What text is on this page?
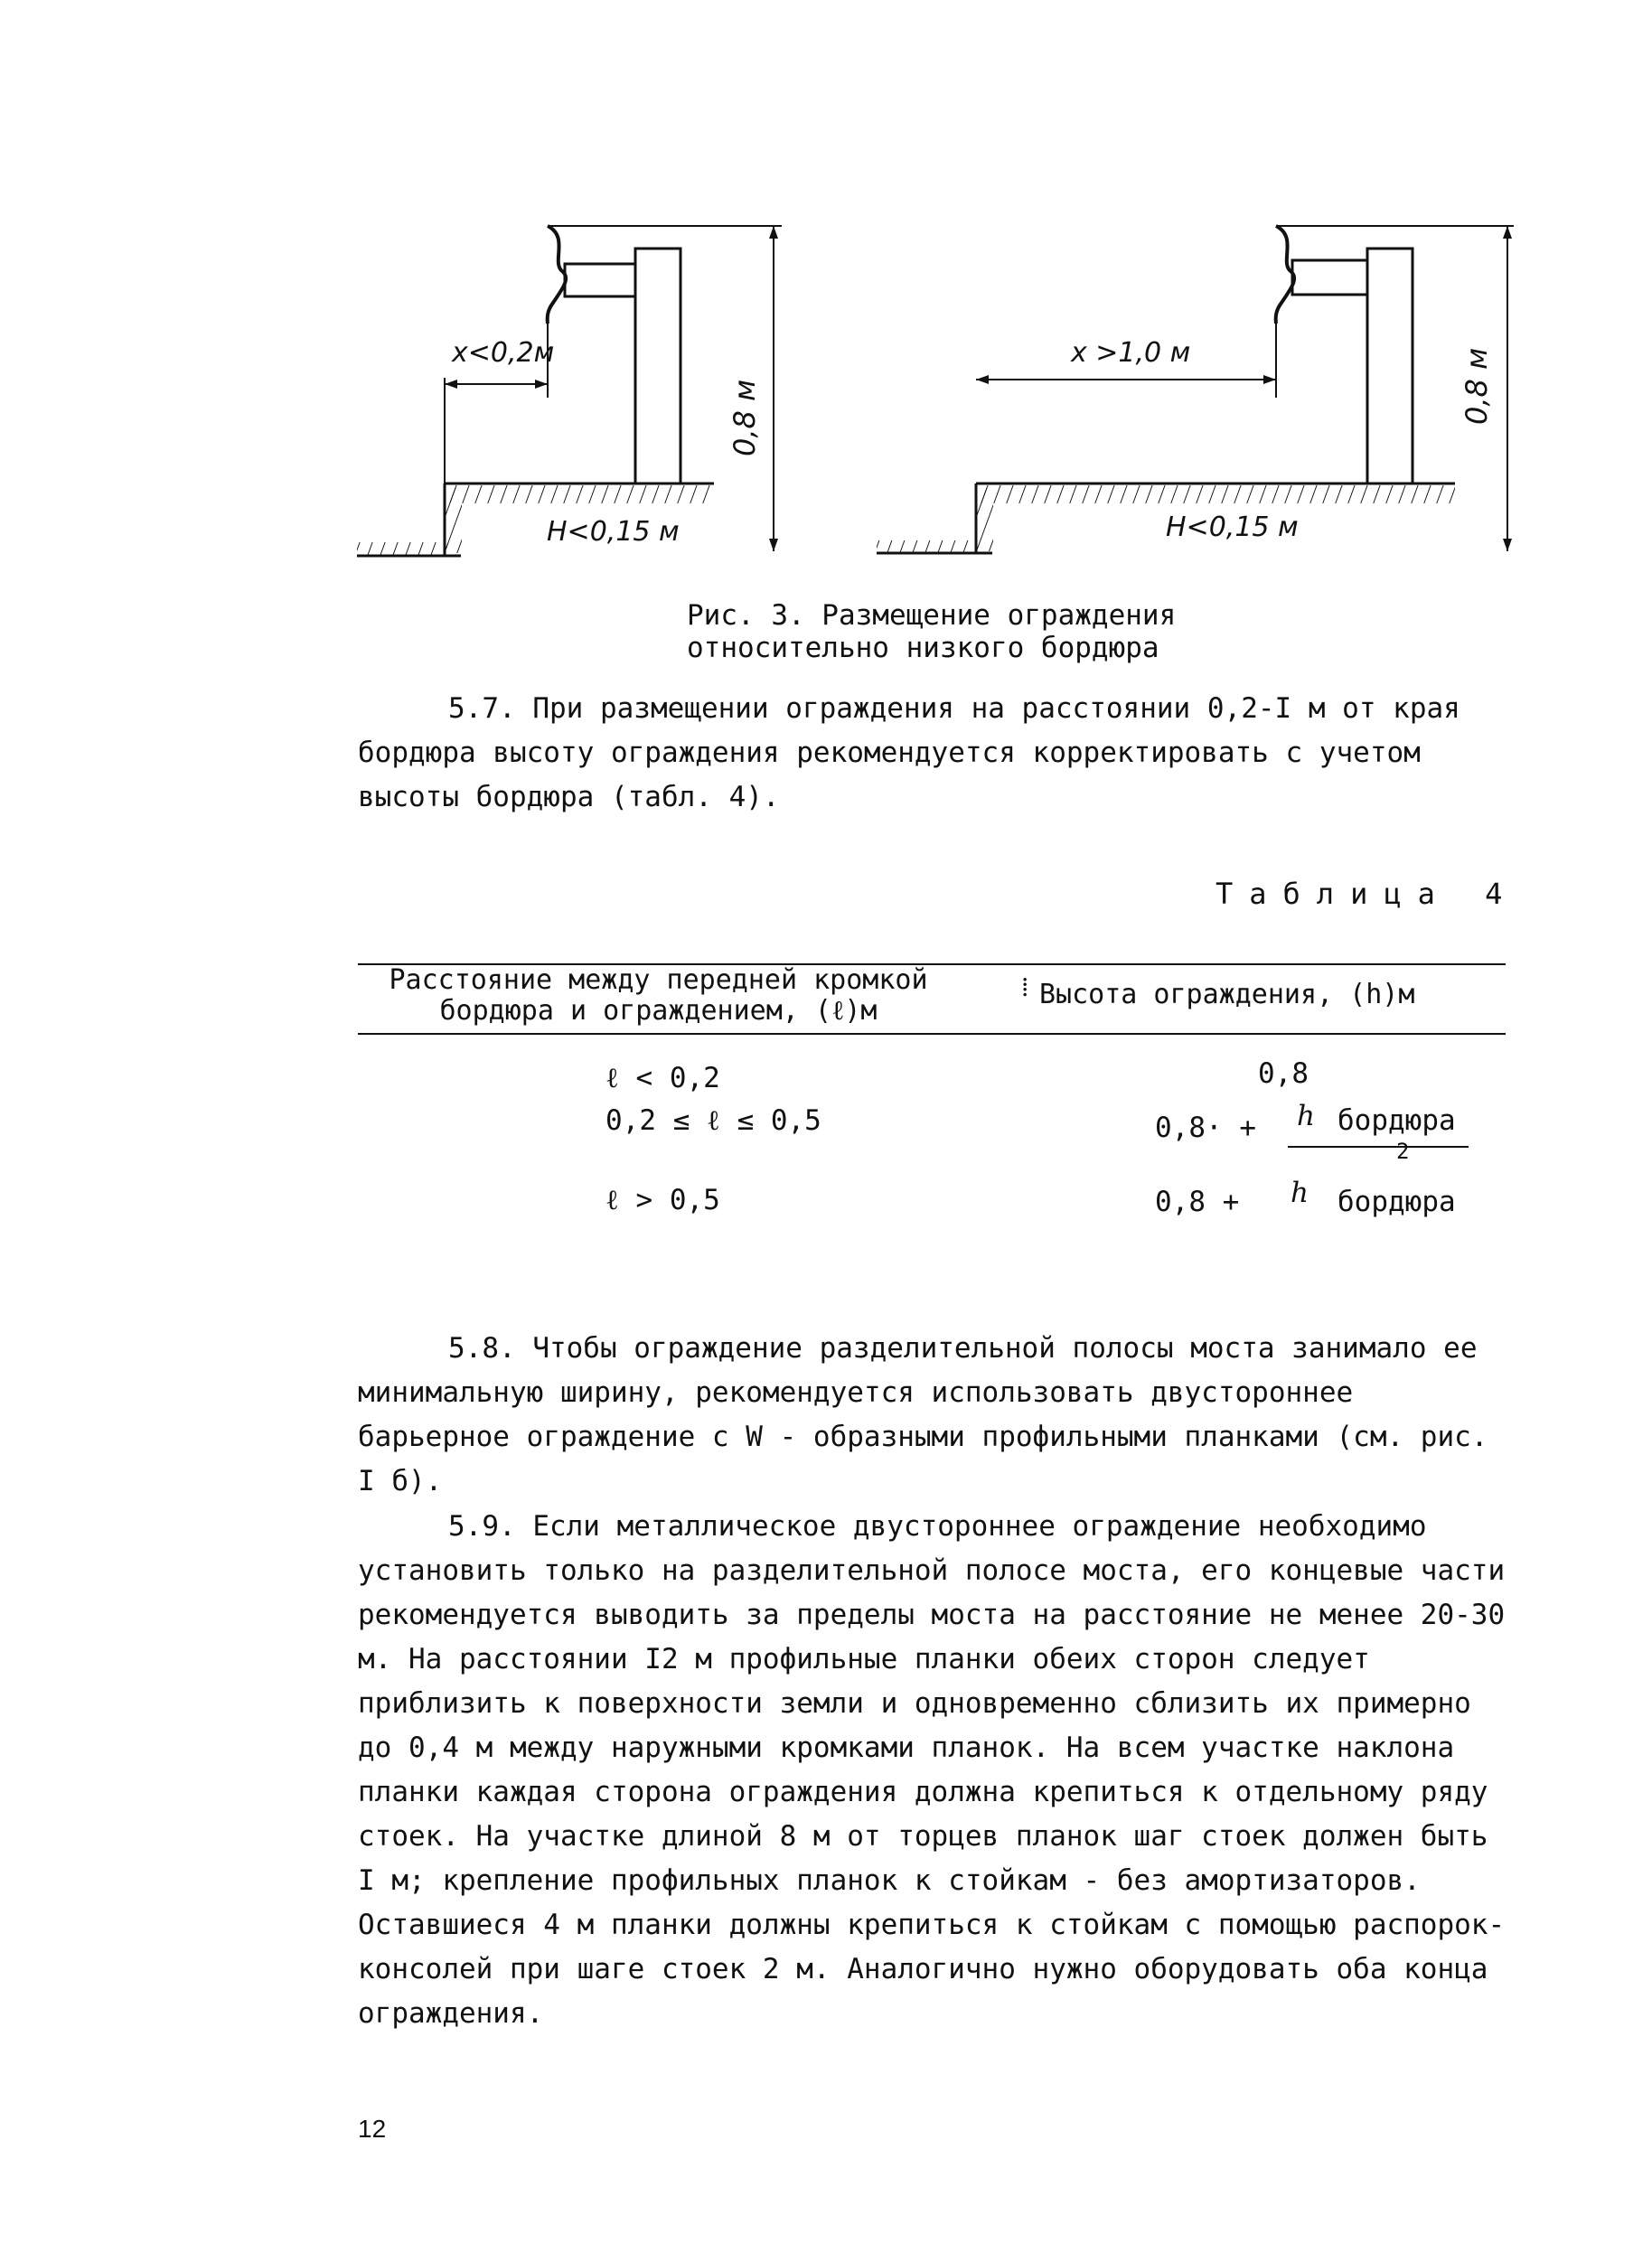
x<0,2м
0,8 м
H<0,15 м
x >1,0 м	0,8 м
H<0,15 м
Рис. 3. Размещение ограждения
относительно низкого бордюра
5.7. При размещении ограждения на расстоянии 0,2-I м от края бордюра высоту ограждения рекомендуется корректировать с учетом высоты бордюра (табл. 4).
Таблица 4
Расстояние между передней кромкой
бордюра и ограждением, (ℓ)м
⁞ Высота ограждения, (h)м
ℓ < 0,2	0,8
0,2 ≤ ℓ ≤ 0,5	0,8· + h бордюра
2
ℓ > 0,5	0,8 + h бордюра
5.8. Чтобы ограждение разделительной полосы моста занимало ее минимальную ширину, рекомендуется использовать двустороннее барьерное ограждение с W - образными профильными планками (см. рис. I б).
5.9. Если металлическое двустороннее ограждение необходимо установить только на разделительной полосе моста, его концевые части рекомендуется выводить за пределы моста на расстояние не менее 20-30 м. На расстоянии I2 м профильные планки обеих сторон следует приблизить к поверхности земли и одновременно сблизить их примерно до 0,4 м между наружными кромками планок. На всем участке наклона планки каждая сторона ограждения должна крепиться к отдельному ряду стоек. На участке длиной 8 м от торцев планок шаг стоек должен быть I м; крепление профильных планок к стойкам - без амортизаторов. Оставшиеся 4 м планки должны крепиться к стойкам с помощью распорок-консолей при шаге стоек 2 м. Аналогично нужно оборудовать оба конца ограждения.
12
